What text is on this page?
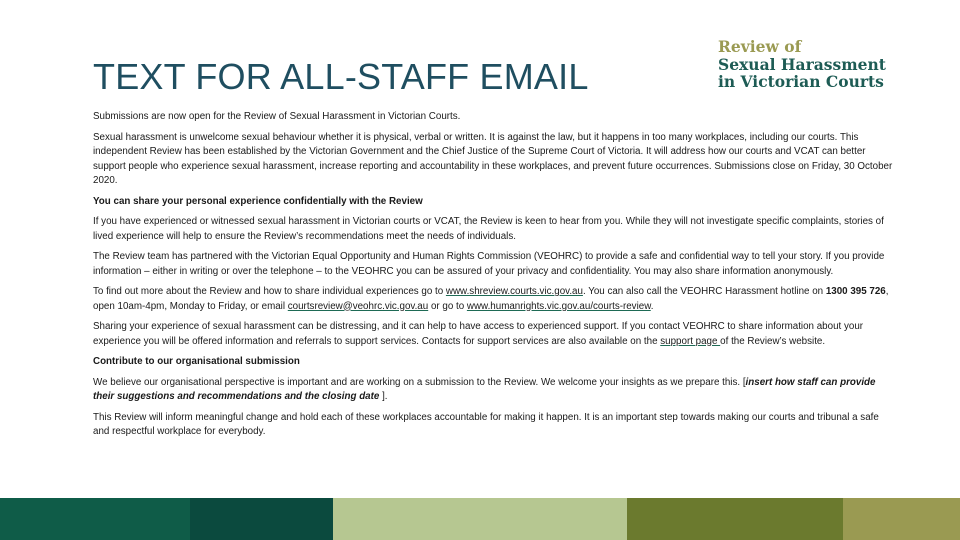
TEXT FOR ALL-STAFF EMAIL
Review of
Sexual Harassment
in Victorian Courts

Submissions are now open for the Review of Sexual Harassment in Victorian Courts.

Sexual harassment is unwelcome sexual behaviour whether it is physical, verbal or written. It is against the law, but it happens in too many workplaces, including our courts. This independent Review has been established by the Victorian Government and the Chief Justice of the Supreme Court of Victoria. It will address how our courts and VCAT can better support people who experience sexual harassment, increase reporting and accountability in these workplaces, and prevent future occurrences. Submissions close on Friday, 30 October 2020.

You can share your personal experience confidentially with the Review

If you have experienced or witnessed sexual harassment in Victorian courts or VCAT, the Review is keen to hear from you. While they will not investigate specific complaints, stories of lived experience will help to ensure the Review’s recommendations meet the needs of individuals.

The Review team has partnered with the Victorian Equal Opportunity and Human Rights Commission (VEOHRC) to provide a safe and confidential way to tell your story. If you provide information – either in writing or over the telephone – to the VEOHRC you can be assured of your privacy and confidentiality. You may also share information anonymously.

To find out more about the Review and how to share individual experiences go to www.shreview.courts.vic.gov.au. You can also call the VEOHRC Harassment hotline on 1300 395 726, open 10am-4pm, Monday to Friday, or email courtsreview@veohrc.vic.gov.au or go to www.humanrights.vic.gov.au/courts-review.

Sharing your experience of sexual harassment can be distressing, and it can help to have access to experienced support. If you contact VEOHRC to share information about your experience you will be offered information and referrals to support services. Contacts for support services are also available on the support page of the Review’s website.

Contribute to our organisational submission

We believe our organisational perspective is important and are working on a submission to the Review. We welcome your insights as we prepare this. [insert how staff can provide their suggestions and recommendations and the closing date ].

This Review will inform meaningful change and hold each of these workplaces accountable for making it happen. It is an important step towards making our courts and tribunal a safe and respectful workplace for everybody.
